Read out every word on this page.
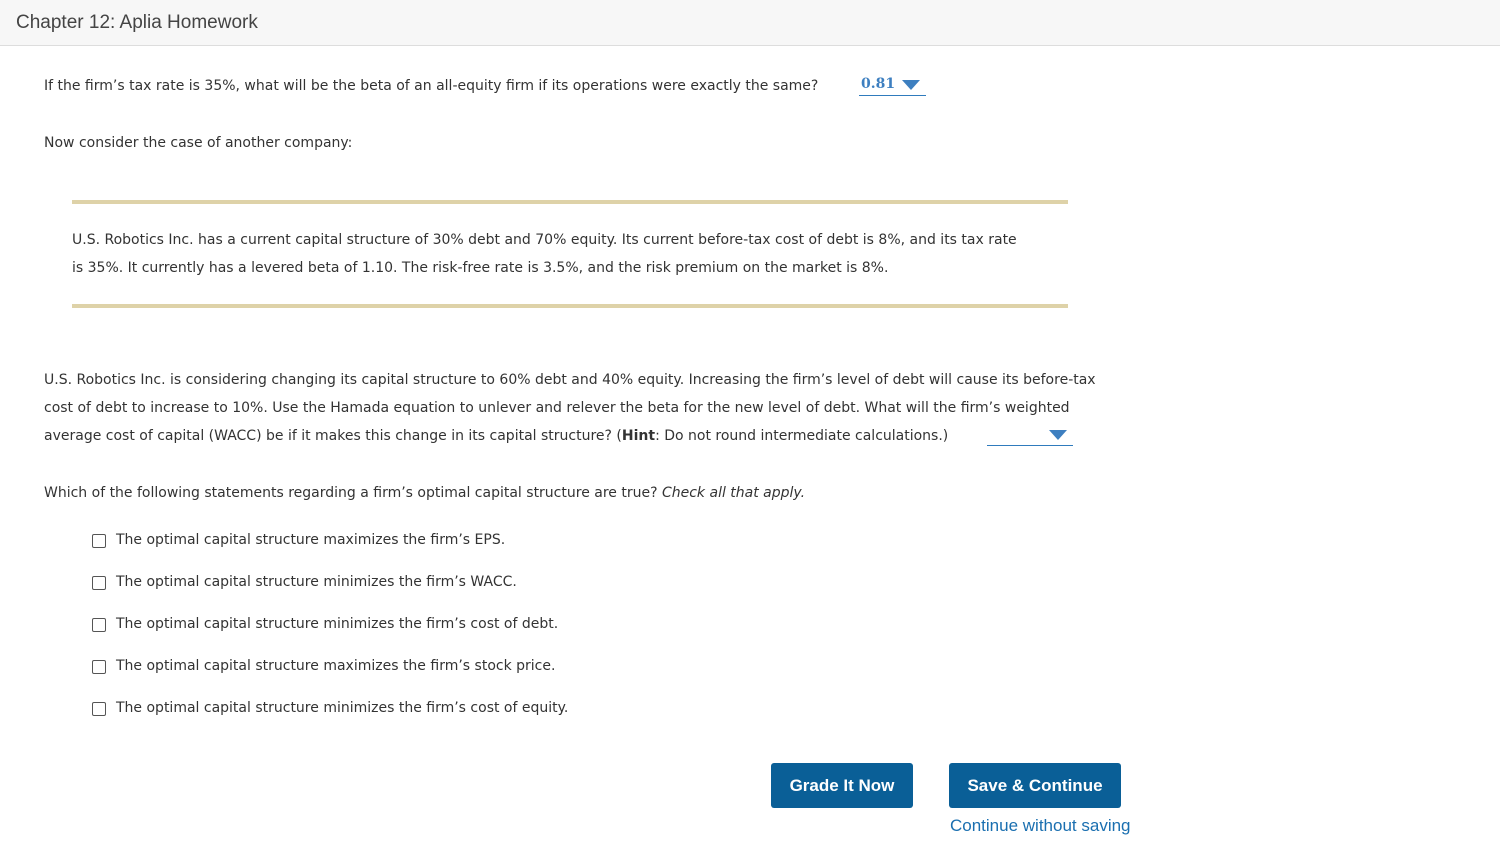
Chapter 12: Aplia Homework
If the firm’s tax rate is 35%, what will be the beta of an all-equity firm if its operations were exactly the same?	0.81
Now consider the case of another company:
U.S. Robotics Inc. has a current capital structure of 30% debt and 70% equity. Its current before-tax cost of debt is 8%, and its tax rate
is 35%. It currently has a levered beta of 1.10. The risk-free rate is 3.5%, and the risk premium on the market is 8%.
U.S. Robotics Inc. is considering changing its capital structure to 60% debt and 40% equity. Increasing the firm’s level of debt will cause its before-tax
cost of debt to increase to 10%. Use the Hamada equation to unlever and relever the beta for the new level of debt. What will the firm’s weighted
average cost of capital (WACC) be if it makes this change in its capital structure? (Hint: Do not round intermediate calculations.)
Which of the following statements regarding a firm’s optimal capital structure are true? Check all that apply.
The optimal capital structure maximizes the firm’s EPS.
The optimal capital structure minimizes the firm’s WACC.
The optimal capital structure minimizes the firm’s cost of debt.
The optimal capital structure maximizes the firm’s stock price.
The optimal capital structure minimizes the firm’s cost of equity.
Grade It Now	Save & Continue
Continue without saving
